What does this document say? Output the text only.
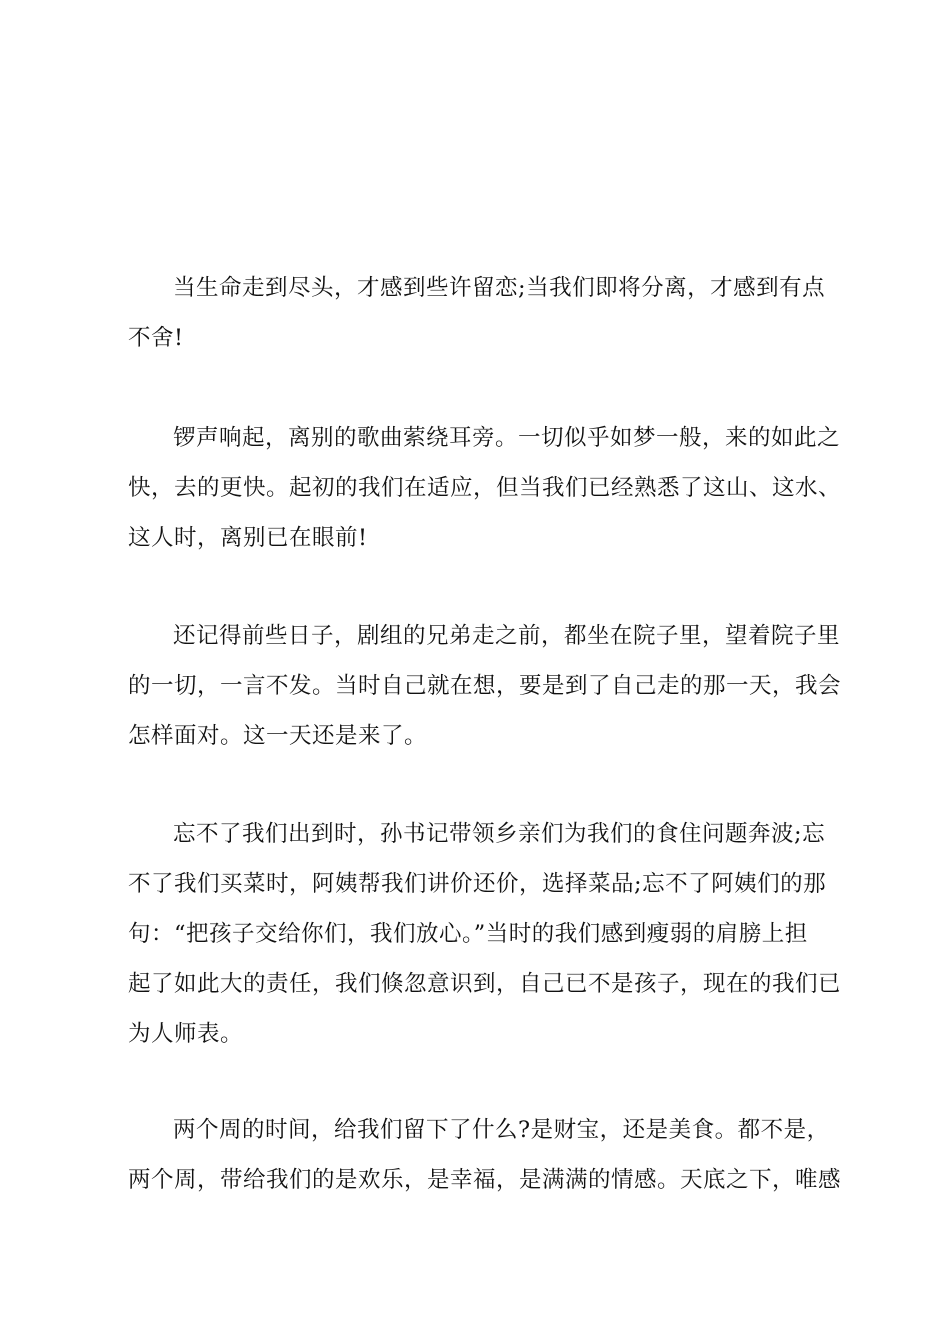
当生命走到尽头，才感到些许留恋;当我们即将分离，才感到有点
不舍!
锣声响起，离别的歌曲萦绕耳旁。一切似乎如梦一般，来的如此之
快，去的更快。起初的我们在适应，但当我们已经熟悉了这山、这水、
这人时，离别已在眼前!
还记得前些日子，剧组的兄弟走之前，都坐在院子里，望着院子里
的一切，一言不发。当时自己就在想，要是到了自己走的那一天，我会
怎样面对。这一天还是来了。
忘不了我们出到时，孙书记带领乡亲们为我们的食住问题奔波;忘
不了我们买菜时，阿姨帮我们讲价还价，选择菜品;忘不了阿姨们的那
句：“把孩子交给你们，我们放心。”当时的我们感到瘦弱的肩膀上担
起了如此大的责任，我们倏忽意识到，自己已不是孩子，现在的我们已
为人师表。
两个周的时间，给我们留下了什么?是财宝，还是美食。都不是，
两个周，带给我们的是欢乐，是幸福，是满满的情感。天底之下，唯感
